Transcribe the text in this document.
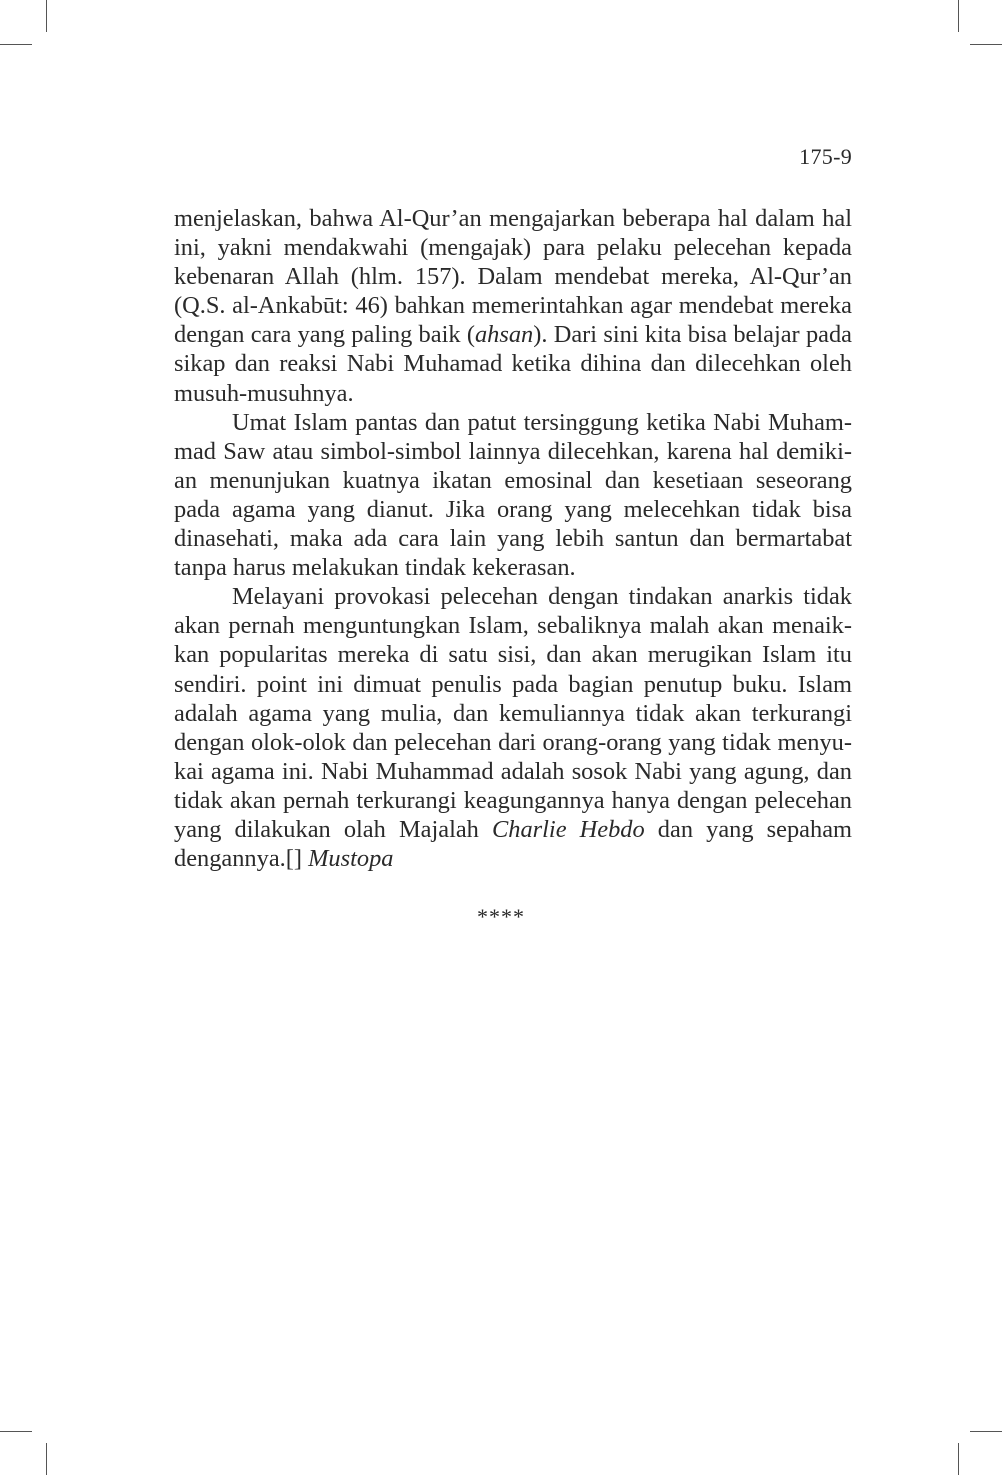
175-9

menjelaskan, bahwa Al-Qur’an mengajarkan beberapa hal dalam hal ini, yakni mendakwahi (mengajak) para pelaku pelecehan kepada kebenaran Allah (hlm. 157). Dalam mendebat mereka, Al-Qur’an (Q.S. al-Ankabūt: 46) bahkan memerintahkan agar mendebat mereka dengan cara yang paling baik (ahsan). Dari sini kita bisa belajar pada sikap dan reaksi Nabi Muhamad ketika dihina dan dilecehkan oleh musuh-musuhnya.

Umat Islam pantas dan patut tersinggung ketika Nabi Muhammad Saw atau simbol-simbol lainnya dilecehkan, karena hal demikian menunjukan kuatnya ikatan emosinal dan kesetiaan seseorang pada agama yang dianut. Jika orang yang melecehkan tidak bisa dinasehati, maka ada cara lain yang lebih santun dan bermartabat tanpa harus melakukan tindak kekerasan.

Melayani provokasi pelecehan dengan tindakan anarkis tidak akan pernah menguntungkan Islam, sebaliknya malah akan menaikkan popularitas mereka di satu sisi, dan akan merugikan Islam itu sendiri. point ini dimuat penulis pada bagian penutup buku. Islam adalah agama yang mulia, dan kemuliannya tidak akan terkurangi dengan olok-olok dan pelecehan dari orang-orang yang tidak menyukai agama ini. Nabi Muhammad adalah sosok Nabi yang agung, dan tidak akan pernah terkurangi keagungannya hanya dengan pelecehan yang dilakukan olah Majalah Charlie Hebdo dan yang sepaham dengannya.[] Mustopa

****
